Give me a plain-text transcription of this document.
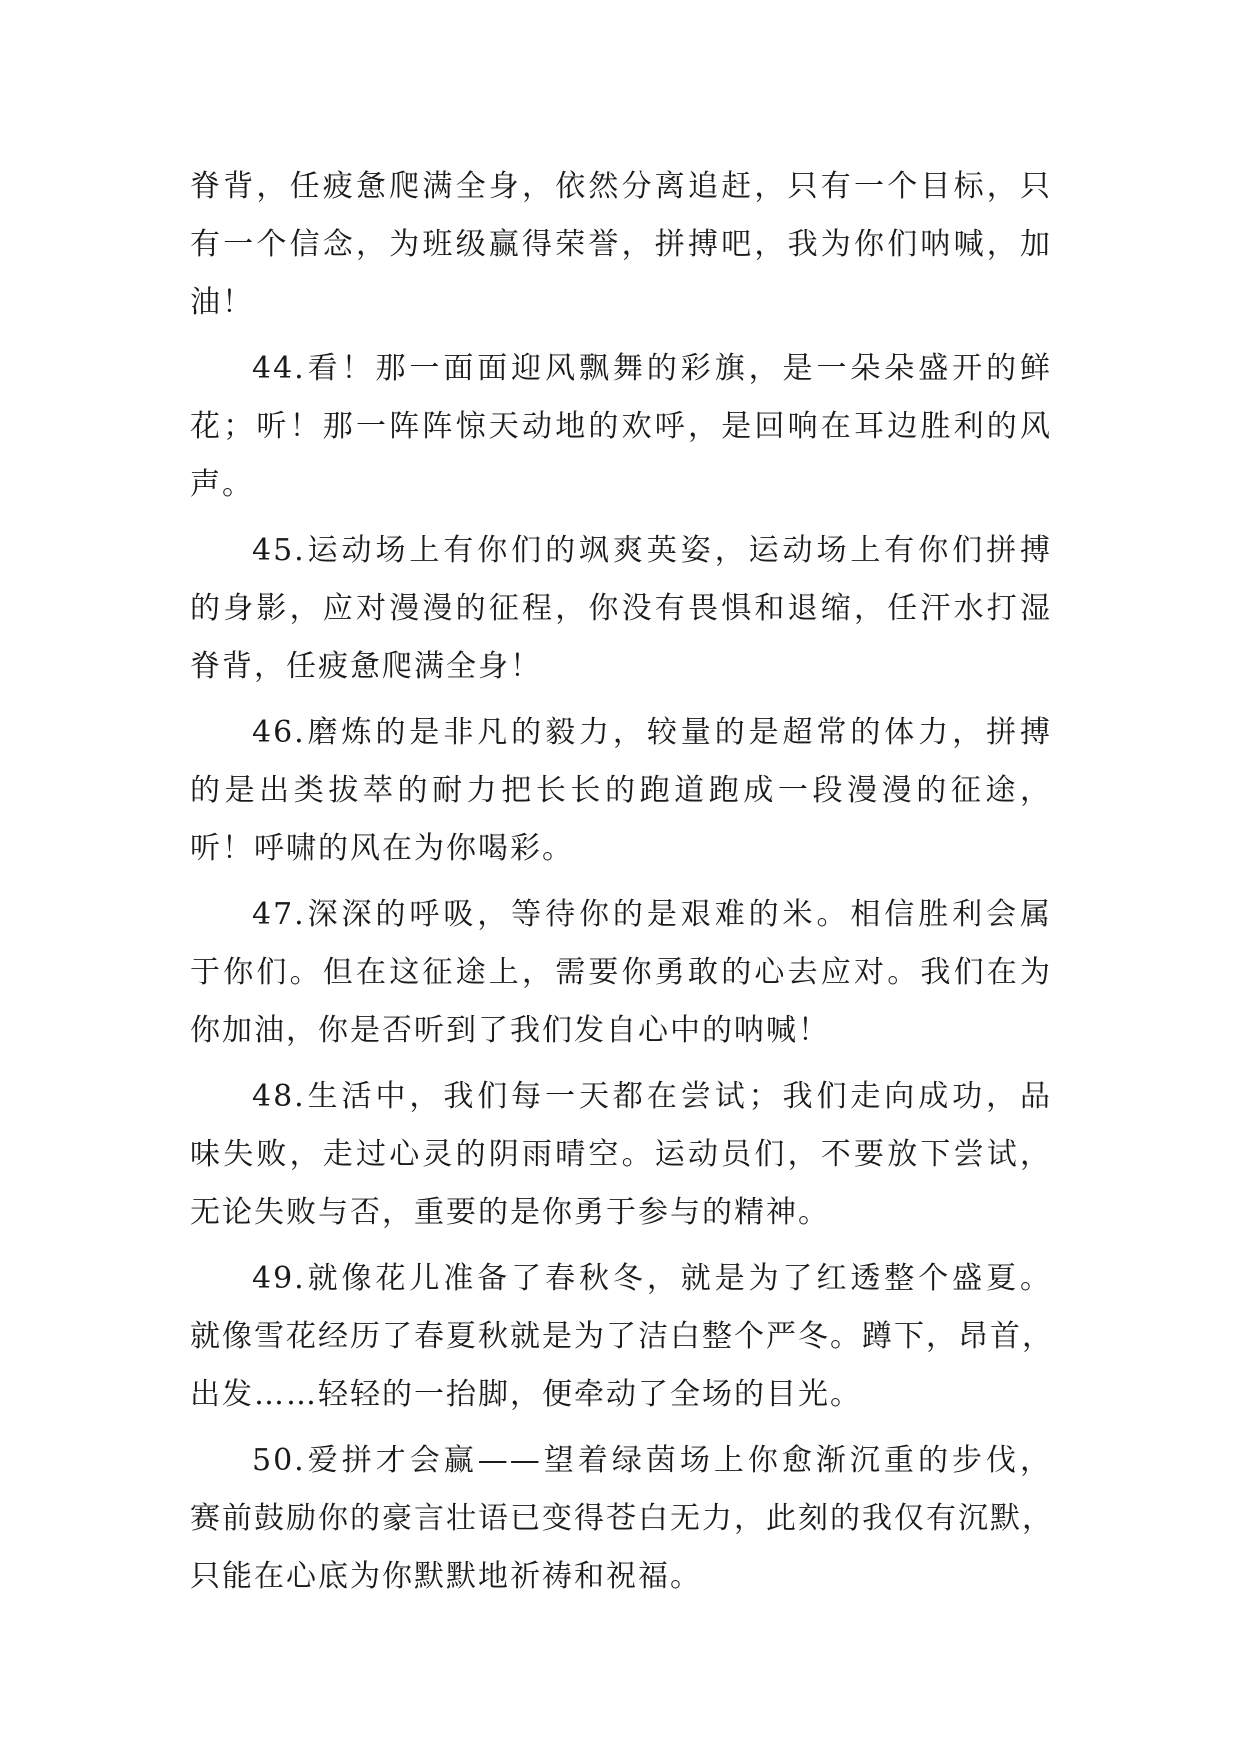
脊背，任疲惫爬满全身，依然分离追赶，只有一个目标，只
有一个信念，为班级赢得荣誉，拼搏吧，我为你们呐喊，加
油！
44.看！那一面面迎风飘舞的彩旗，是一朵朵盛开的鲜
花；听！那一阵阵惊天动地的欢呼，是回响在耳边胜利的风
声。
45.运动场上有你们的飒爽英姿，运动场上有你们拼搏
的身影，应对漫漫的征程，你没有畏惧和退缩，任汗水打湿
脊背，任疲惫爬满全身！
46.磨炼的是非凡的毅力，较量的是超常的体力，拼搏
的是出类拔萃的耐力把长长的跑道跑成一段漫漫的征途，
听！呼啸的风在为你喝彩。
47.深深的呼吸，等待你的是艰难的米。相信胜利会属
于你们。但在这征途上，需要你勇敢的心去应对。我们在为
你加油，你是否听到了我们发自心中的呐喊！
48.生活中，我们每一天都在尝试；我们走向成功，品
味失败，走过心灵的阴雨晴空。运动员们，不要放下尝试，
无论失败与否，重要的是你勇于参与的精神。
49.就像花儿准备了春秋冬，就是为了红透整个盛夏。
就像雪花经历了春夏秋就是为了洁白整个严冬。蹲下，昂首，
出发……轻轻的一抬脚，便牵动了全场的目光。
50.爱拼才会赢——望着绿茵场上你愈渐沉重的步伐，
赛前鼓励你的豪言壮语已变得苍白无力，此刻的我仅有沉默，
只能在心底为你默默地祈祷和祝福。
